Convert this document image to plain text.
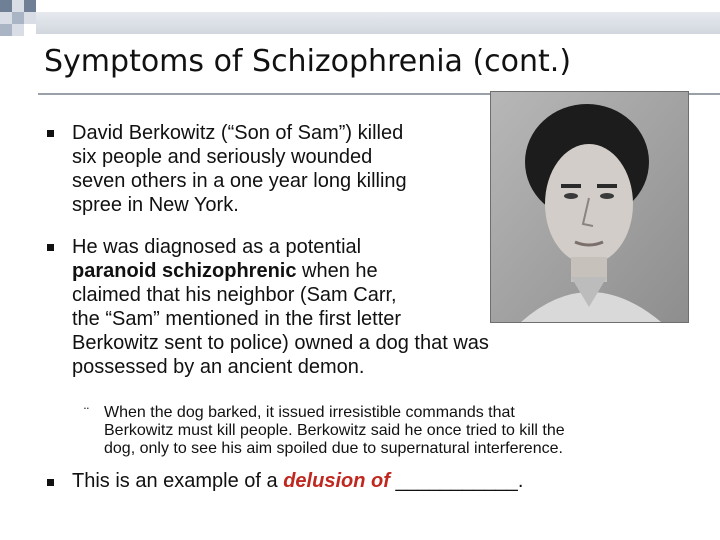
Symptoms of Schizophrenia (cont.)
David Berkowitz (“Son of Sam”) killed
six people and seriously wounded
seven others in a one year long killing
spree in New York.
He was diagnosed as a potential
paranoid schizophrenic when he
claimed that his neighbor (Sam Carr,
the “Sam” mentioned in the first letter
Berkowitz sent to police) owned a dog that was
possessed by an ancient demon.
¨ When the dog barked, it issued irresistible commands that
Berkowitz must kill people. Berkowitz said he once tried to kill the
dog, only to see his aim spoiled due to supernatural interference.
This is an example of a delusion of ___________.
